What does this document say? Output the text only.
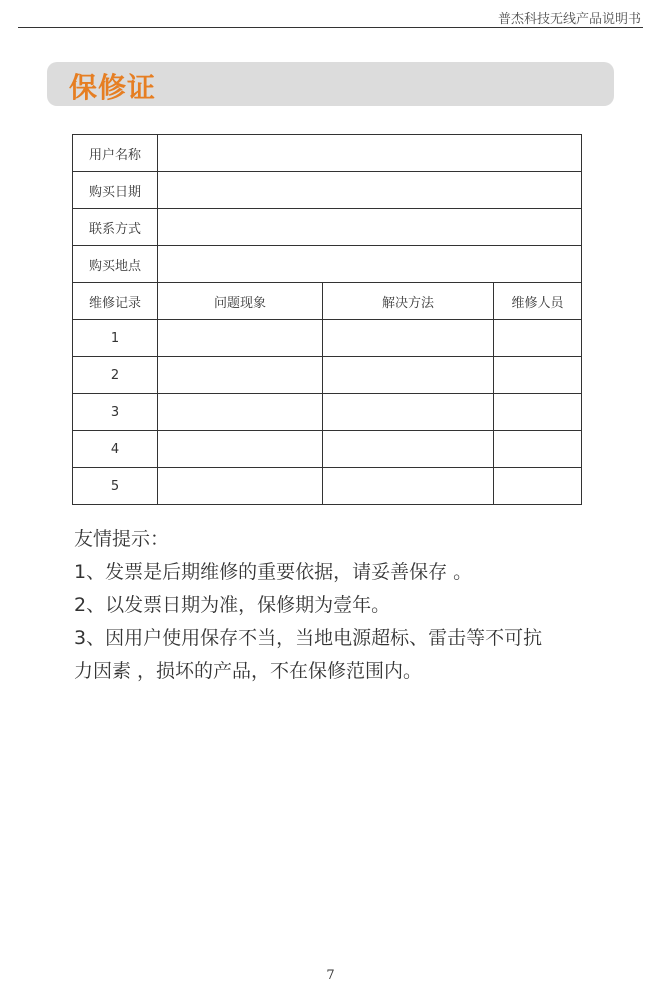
普杰科技无线产品说明书
保修证
用户名称			
购买日期			
联系方式			
购买地点			
维修记录	问题现象	解决方法	维修人员
1			
2			
3			
4			
5			
友情提示：
1、发票是后期维修的重要依据，请妥善保存 。
2、以发票日期为准，保修期为壹年。
3、因用户使用保存不当，当地电源超标、雷击等不可抗
力因素 ，损坏的产品，不在保修范围内。
7
